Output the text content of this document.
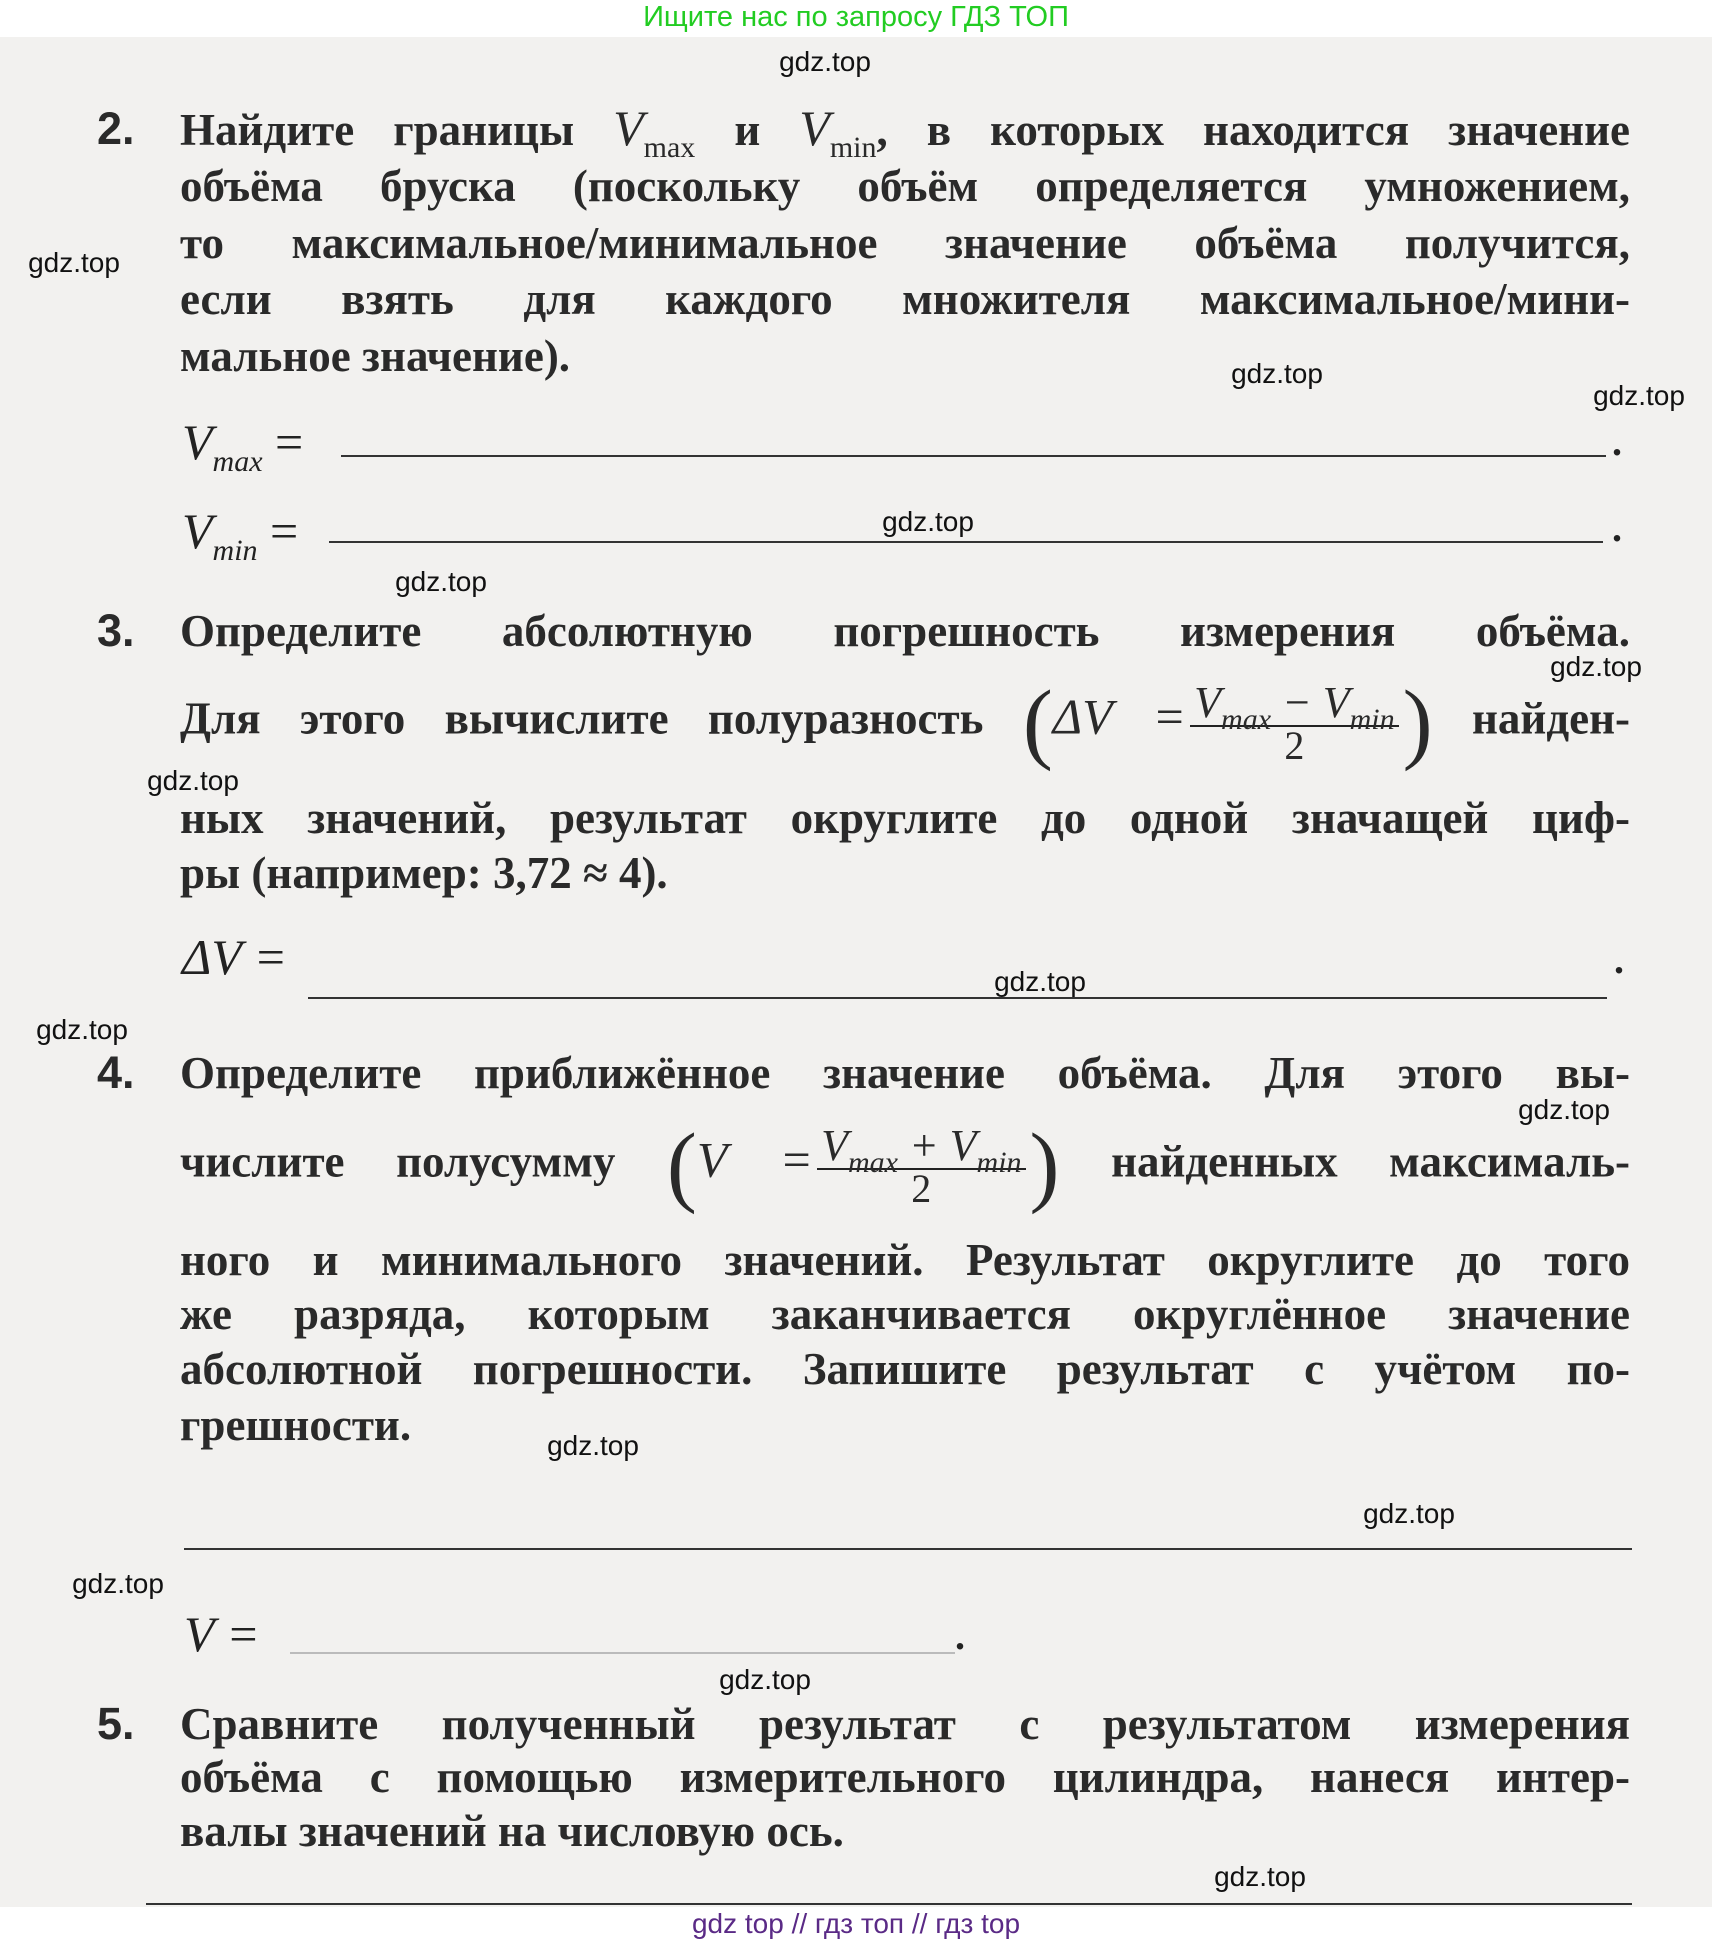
Ищите нас по запросу ГДЗ ТОП
2. Найдите границы $V_{max}$ и $V_{min}$, в которых находится значение
объёма бруска (поскольку объём определяется умножением,
то максимальное/минимальное значение объёма получится,
если взять для каждого множителя максимальное/мини-
мальное значение).
$V_{max}$ =	.
$V_{min}$ =	.
3. Определите абсолютную погрешность измерения объёма.
Для этого вычислите полуразность ($\Delta V = \frac{V_{max} - V_{min}}{2}$ ) найден-
ных значений, результат округлите до одной значащей циф-
ры (например: 3,72 ≈ 4).
ΔV =	.
4. Определите приближённое значение объёма. Для этого вы-
числите полусумму ($V = \frac{V_{max} + V_{min}}{2}$ ) найденных максималь-
ного и минимального значений. Результат округлите до того
же разряда, которым заканчивается округлённое значение
абсолютной погрешности. Запишите результат с учётом по-
грешности.
V =	.
5. Сравните полученный результат с результатом измерения
объёма с помощью измерительного цилиндра, нанеся интер-
валы значений на числовую ось.
gdz top // гдз топ // гдз top
gdz.top
gdz.top
gdz.top
gdz.top
gdz.top
gdz.top
gdz.top
gdz.top
gdz.top
gdz.top
gdz.top
gdz.top
gdz.top
gdz.top
gdz.top
gdz.top
